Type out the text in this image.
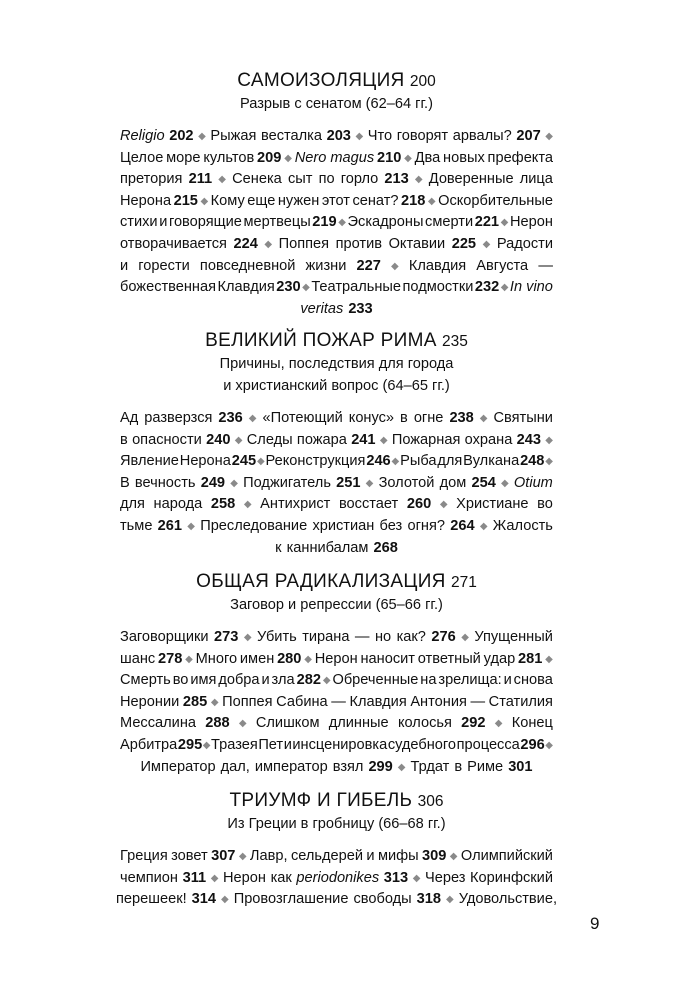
САМОИЗОЛЯЦИЯ 200
Разрыв с сенатом (62–64 гг.)
Religio 202 ◆ Рыжая весталка 203 ◆ Что говорят арвалы? 207 ◆
Целое море культов 209 ◆ Nero magus 210 ◆ Два новых префекта
претория 211 ◆ Сенека сыт по горло 213 ◆ Доверенные лица
Нерона 215 ◆ Кому еще нужен этот сенат? 218 ◆ Оскорбительные
стихи и говорящие мертвецы 219 ◆ Эскадроны смерти 221 ◆ Нерон
отворачивается 224 ◆ Поппея против Октавии 225 ◆ Радости
и горести повседневной жизни 227 ◆ Клавдия Августа —
божественная Клавдия 230 ◆ Театральные подмостки 232 ◆ In vino
veritas 233
ВЕЛИКИЙ ПОЖАР РИМА 235
Причины, последствия для города
и христианский вопрос (64–65 гг.)
Ад разверзся 236 ◆ «Потеющий конус» в огне 238 ◆ Святыни
в опасности 240 ◆ Следы пожара 241 ◆ Пожарная охрана 243 ◆
Явление Нерона 245 ◆ Реконструкция 246 ◆ Рыба для Вулкана 248 ◆
В вечность 249 ◆ Поджигатель 251 ◆ Золотой дом 254 ◆ Otium
для народа 258 ◆ Антихрист восстает 260 ◆ Христиане во
тьме 261 ◆ Преследование христиан без огня? 264 ◆ Жалость
к каннибалам 268
ОБЩАЯ РАДИКАЛИЗАЦИЯ 271
Заговор и репрессии (65–66 гг.)
Заговорщики 273 ◆ Убить тирана — но как? 276 ◆ Упущенный
шанс 278 ◆ Много имен 280 ◆ Нерон наносит ответный удар 281 ◆
Смерть во имя добра и зла 282 ◆ Обреченные на зрелища: и снова
Неронии 285 ◆ Поппея Сабина — Клавдия Антония — Статилия
Мессалина 288 ◆ Слишком длинные колосья 292 ◆ Конец
Арбитра 295 ◆ Тразея Пет и инсценировка судебного процесса 296 ◆
Император дал, император взял 299 ◆ Трдат в Риме 301
ТРИУМФ И ГИБЕЛЬ 306
Из Греции в гробницу (66–68 гг.)
Греция зовет 307 ◆ Лавр, сельдерей и мифы 309 ◆ Олимпийский
чемпион 311 ◆ Нерон как periodonikes 313 ◆ Через Коринфский
перешеек! 314 ◆ Провозглашение свободы 318 ◆ Удовольствие,
9
